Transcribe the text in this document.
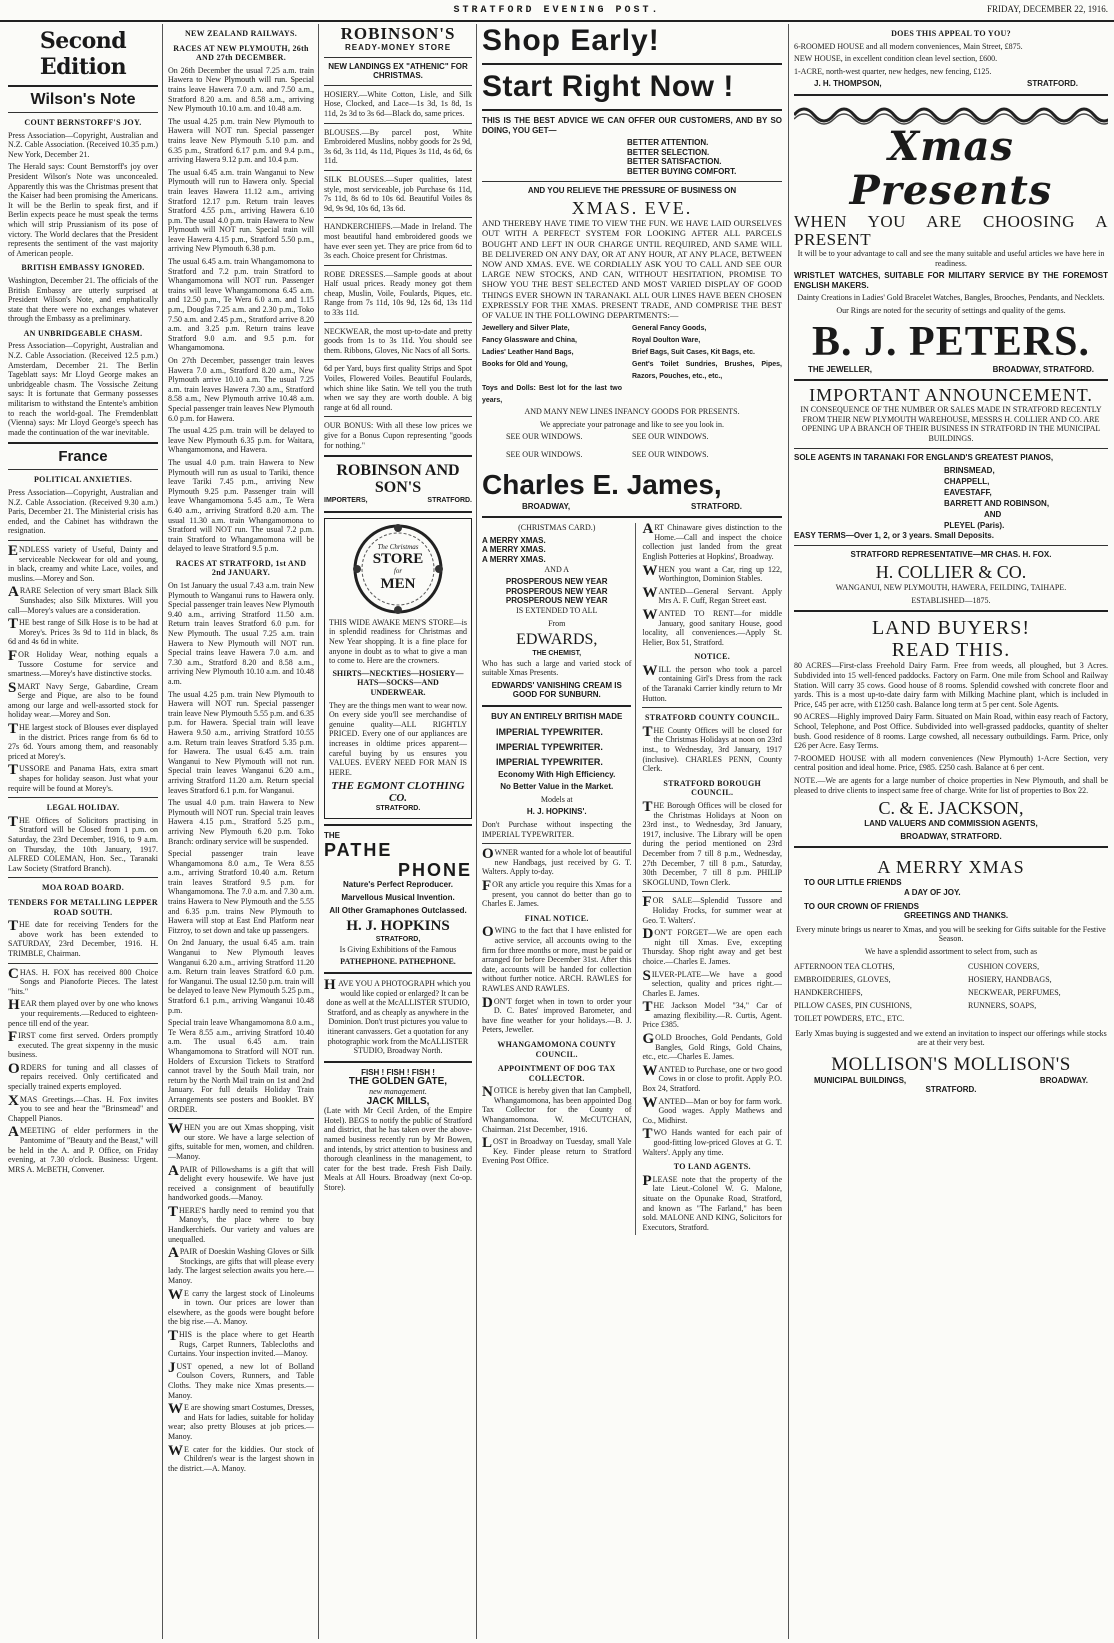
STRATFORD EVENING POST.	FRIDAY, DECEMBER 22, 1916.
Second Edition
Wilson's Note
COUNT BERNSTORFF'S JOY.

Press Association—Copyright, Australian and N.Z. Cable Association. (Received 10.35 p.m.) New York, December 21.

The Herald says: Count Bernstorff's joy over President Wilson's Note was unconcealed. Apparently this was the Christmas present that the Kaiser had been promising the Americans. It will be the Berlin to speak first, and if Berlin expects peace he must speak the terms which will strip Prussianism of its pose of victory. The World declares that the President represents the sentiment of the vast majority of American people.

BRITISH EMBASSY IGNORED.

Washington, December 21. The officials of the British Embassy are utterly surprised at President Wilson's Note, and emphatically state that there were no exchanges whatever through the Embassy as a preliminary.

AN UNBRIDGEABLE CHASM.

Press Association—Copyright, Australian and N.Z. Cable Association. (Received 12.5 p.m.) Amsterdam, December 21. The Berlin Tageblatt says: Mr Lloyd George makes an unbridgeable chasm. The Vossische Zeitung says: It is fortunate that Germany possesses militarism to withstand the Entente's ambition to reach the world-goal. The Fremdenblatt (Vienna) says: Mr Lloyd George's speech has made the continuation of the war inevitable.

France
POLITICAL ANXIETIES.

Press Association—Copyright, Australian and N.Z. Cable Association. (Received 9.30 a.m.) Paris, December 21. The Ministerial crisis has ended, and the Cabinet has withdrawn the resignation.

ENDLESS variety of Useful, Dainty and serviceable Neckwear for old and young, in black, creamy and white Lace, voiles, and muslins.—Morey and Son.

ARARE Selection of very smart Black Silk Sunshades; also Silk Mixtures. Will you call—Morey's values are a consideration.

THE best range of Silk Hose is to be had at Morey's. Prices 3s 9d to 11d in black, 8s 6d and 4s 6d in white.

FOR Holiday Wear, nothing equals a Tussore Costume for service and smartness.—Morey's have distinctive stocks.

SMART Navy Serge, Gabardine, Cream Serge and Pique, are also to be found among our large and well-assorted stock for holiday wear.—Morey and Son.

THE largest stock of Blouses ever displayed in the district. Prices range from 6s 6d to 27s 6d. Yours among them, and reasonably priced at Morey's.

TUSSORE and Panama Hats, extra smart shapes for holiday season. Just what your require will be found at Morey's.

LEGAL HOLIDAY.

THE Offices of Solicitors practising in Stratford will be Closed from 1 p.m. on Saturday, the 23rd December, 1916, to 9 a.m. on Thursday, the 10th January, 1917. ALFRED COLEMAN, Hon. Sec., Taranaki Law Society (Stratford Branch).

MOA ROAD BOARD.
TENDERS FOR METALLING LEPPER ROAD SOUTH.

THE date for receiving Tenders for the above work has been extended to SATURDAY, 23rd December, 1916. H. TRIMBLE, Chairman.

CHAS. H. FOX has received 800 Choice Songs and Pianoforte Pieces. The latest "hits."

HEAR them played over by one who knows your requirements.—Reduced to eighteen-pence till end of the year.

FIRST come first served. Orders promptly executed. The great sixpenny in the music business.

ORDERS for tuning and all classes of repairs received. Only certificated and specially trained experts employed.

XMAS Greetings.—Chas. H. Fox invites you to see and hear the "Brinsmead" and Chappell Pianos.

AMEETING of elder performers in the Pantomime of "Beauty and the Beast," will be held in the A. and P. Office, on Friday evening, at 7.30 o'clock. Business: Urgent. MRS A. McBETH, Convener.

NEW ZEALAND RAILWAYS.
RACES AT NEW PLYMOUTH, 26th AND 27th DECEMBER.

On 26th December the usual 7.25 a.m. train Hawera to New Plymouth will run. Special trains leave Hawera 7.0 a.m. and 7.50 a.m., Stratford 8.20 a.m. and 8.58 a.m., arriving New Plymouth 10.10 a.m. and 10.48 a.m.

The usual 4.25 p.m. train New Plymouth to Hawera will NOT run. Special passenger trains leave New Plymouth 5.10 p.m. and 6.35 p.m., Stratford 6.17 p.m. and 9.4 p.m., arriving Hawera 9.12 p.m. and 10.4 p.m.

The usual 6.45 a.m. train Wanganui to New Plymouth will run to Hawera only. Special train leaves Hawera 11.12 a.m., arriving Stratford 12.17 p.m. Return train leaves Stratford 4.55 p.m., arriving Hawera 6.10 p.m. The usual 4.0 p.m. train Hawera to New Plymouth will NOT run. Special train will leave Hawera 4.15 p.m., Stratford 5.50 p.m., arriving New Plymouth 6.38 p.m.

The usual 6.45 a.m. train Whangamomona to Stratford and 7.2 p.m. train Stratford to Whangamomona will NOT run. Passenger trains will leave Whangamomona 6.45 a.m. and 12.50 p.m., Te Wera 6.0 a.m. and 1.15 p.m., Douglas 7.25 a.m. and 2.30 p.m., Toko 7.50 a.m. and 2.45 p.m., Stratford arrive 8.20 a.m. and 3.25 p.m. Return trains leave Stratford 9.0 a.m. and 9.5 p.m. for Whangamomona.

On 27th December, passenger train leaves Hawera 7.0 a.m., Stratford 8.20 a.m., New Plymouth arrive 10.10 a.m. The usual 7.25 a.m. train leaves Hawera 7.30 a.m., Stratford 8.58 a.m., New Plymouth arrive 10.48 a.m. Special passenger train leaves New Plymouth 6.0 p.m. for Hawera.

The usual 4.25 p.m. train will be delayed to leave New Plymouth 6.35 p.m. for Waitara, Whangamomona, and Hawera.

The usual 4.0 p.m. train Hawera to New Plymouth will run as usual to Tariki, thence leave Tariki 7.45 p.m., arriving New Plymouth 9.25 p.m. Passenger train will leave Whangamomona 5.45 a.m., Te Wera 6.40 a.m., arriving Stratford 8.20 a.m. The usual 11.30 a.m. train Whangamomona to Stratford will NOT run. The usual 7.2 p.m. train Stratford to Whangamomona will be delayed to leave Stratford 9.5 p.m.

RACES AT STRATFORD, 1st AND 2nd JANUARY.

On 1st January the usual 7.43 a.m. train New Plymouth to Wanganui runs to Hawera only. Special passenger train leaves New Plymouth 9.40 a.m., arriving Stratford 11.50 a.m. Return train leaves Stratford 6.0 p.m. for New Plymouth. The usual 7.25 a.m. train Hawera to New Plymouth will NOT run. Special trains leave Hawera 7.0 a.m. and 7.30 a.m., Stratford 8.20 and 8.58 a.m., arriving New Plymouth 10.10 a.m. and 10.48 a.m.

The usual 4.25 p.m. train New Plymouth to Hawera will NOT run. Special passenger train leave New Plymouth 5.55 p.m. and 6.35 p.m. for Hawera. Special train will leave Hawera 9.50 a.m., arriving Stratford 10.55 a.m. Return train leaves Stratford 5.35 p.m. for Hawera. The usual 6.45 a.m. train Wanganui to New Plymouth will not run. Special train leaves Wanganui 6.20 a.m., arriving Stratford 11.20 a.m. Return special leaves Stratford 6.1 p.m. for Wanganui.

The usual 4.0 p.m. train Hawera to New Plymouth will NOT run. Special train leaves Hawera 4.15 p.m., Stratford 5.25 p.m., arriving New Plymouth 6.20 p.m. Toko Branch: ordinary service will be suspended.

Special passenger train leave Whangamomona 8.0 a.m., Te Wera 8.55 a.m., arriving Stratford 10.40 a.m. Return train leaves Stratford 9.5 p.m. for Whangamomona. The 7.0 a.m. and 7.30 a.m. trains Hawera to New Plymouth and the 5.55 and 6.35 p.m. trains New Plymouth to Hawera will stop at East End Platform near Fitzroy, to set down and take up passengers.

On 2nd January, the usual 6.45 a.m. train Wanganui to New Plymouth leaves Wanganui 6.20 a.m., arriving Stratford 11.20 a.m. Return train leaves Stratford 6.0 p.m. for Wanganui. The usual 12.50 p.m. train will be delayed to leave New Plymouth 5.25 p.m., Stratford 6.1 p.m., arriving Wanganui 10.48 p.m.

Special train leave Whangamomona 8.0 a.m., Te Wera 8.55 a.m., arriving Stratford 10.40 a.m. The usual 6.45 a.m. train Whangamomona to Stratford will NOT run. Holders of Excursion Tickets to Stratford cannot travel by the South Mail train, nor return by the North Mail train on 1st and 2nd January. For full details Holiday Train Arrangements see posters and Booklet. BY ORDER.

WHEN you are out Xmas shopping, visit our store. We have a large selection of gifts, suitable for men, women, and children.—Manoy.

APAIR of Pillowshams is a gift that will delight every housewife. We have just received a consignment of beautifully handworked goods.—Manoy.

THERE'S hardly need to remind you that Manoy's, the place where to buy Handkerchiefs. Our variety and values are unequalled.

APAIR of Doeskin Washing Gloves or Silk Stockings, are gifts that will please every lady. The largest selection awaits you here.—Manoy.

WE carry the largest stock of Linoleums in town. Our prices are lower than elsewhere, as the goods were bought before the big rise.—A. Manoy.

THIS is the place where to get Hearth Rugs, Carpet Runners, Tablecloths and Curtains. Your inspection invited.—Manoy.

JUST opened, a new lot of Bolland Coulson Covers, Runners, and Table Cloths. They make nice Xmas presents.—Manoy.

WE are showing smart Costumes, Dresses, and Hats for ladies, suitable for holiday wear; also pretty Blouses at job prices.—Manoy.

WE cater for the kiddies. Our stock of Children's wear is the largest shown in the district.—A. Manoy.

ROBINSON'S
READY-MONEY STORE
NEW LANDINGS EX "ATHENIC" FOR CHRISTMAS.

HOSIERY.—White Cotton, Lisle, and Silk Hose, Clocked, and Lace—1s 3d, 1s 8d, 1s 11d, 2s 3d to 3s 6d—Black do, same prices.

BLOUSES.—By parcel post, White Embroidered Muslins, nobby goods for 2s 9d, 3s 6d, 3s 11d, 4s 11d, Piques 3s 11d, 4s 6d, 6s 11d.

SILK BLOUSES.—Super qualities, latest style, most serviceable, job Purchase 6s 11d, 7s 11d, 8s 6d to 10s 6d. Beautiful Voiles 8s 9d, 9s 9d, 10s 6d, 13s 6d.

HANDKERCHIEFS.—Made in Ireland. The most beautiful hand embroidered goods we have ever seen yet. They are price from 6d to 3s each. Choice present for Christmas.

ROBE DRESSES.—Sample goods at about Half usual prices. Ready money got them cheap, Muslin, Voile, Foulards, Piques, etc. Range from 7s 11d, 10s 9d, 12s 6d, 13s 11d to 33s 11d.

NECKWEAR, the most up-to-date and pretty goods from 1s to 3s 11d. You should see them. Ribbons, Gloves, Nic Nacs of all Sorts.

6d per Yard, buys first quality Strips and Spot Voiles, Flowered Voiles. Beautiful Foulards, which shine like Satin. We tell you the truth when we say they are worth double. A big range at 6d all round.

OUR BONUS: With all these low prices we give for a Bonus Cupon representing "goods for nothing."

ROBINSON AND SON'S
IMPORTERS,	STRATFORD.
The Christmas
STORE
for
MEN

THIS WIDE AWAKE MEN'S STORE—is in splendid readiness for Christmas and New Year shopping. It is a fine place for anyone in doubt as to what to give a man to come to. Here are the crowners.

SHIRTS—NECKTIES—HOSIERY—HATS—SOCKS—AND UNDERWEAR.

They are the things men want to wear now. On every side you'll see merchandise of genuine quality—ALL RIGHTLY PRICED. Every one of our appliances are increases in oldtime prices apparent—careful buying by us ensures you VALUES. EVERY NEED FOR MAN IS HERE.

THE EGMONT CLOTHING CO.
STRATFORD.
THE
PATHE
PHONE

Nature's Perfect Reproducer.

Marvellous Musical Invention.

All Other Gramaphones Outclassed.

H. J. HOPKINS
STRATFORD,

Is Giving Exhibitions of the Famous

PATHEPHONE. PATHEPHONE.

HAVE YOU A PHOTOGRAPH which you would like copied or enlarged? It can be done as well at the McALLISTER STUDIO, Stratford, and as cheaply as anywhere in the Dominion. Don't trust pictures you value to itinerant canvassers. Get a quotation for any photographic work from the McALLISTER STUDIO, Broadway North.

FISH ! FISH ! FISH !
THE GOLDEN GATE,
new management.
JACK MILLS,

(Late with Mr Cecil Arden, of the Empire Hotel). BEGS to notify the public of Stratford and district, that he has taken over the above-named business recently run by Mr Bowen, and intends, by strict attention to business and thorough cleanliness in the management, to cater for the best trade. Fresh Fish Daily. Meals at All Hours. Broadway (next Co-op. Store).

Shop Early!
Start Right Now !

THIS IS THE BEST ADVICE WE CAN OFFER OUR CUSTOMERS, AND BY SO DOING, YOU GET—

BETTER ATTENTION.
BETTER SELECTION.
BETTER SATISFACTION.
BETTER BUYING COMFORT.

AND YOU RELIEVE THE PRESSURE OF BUSINESS ON

XMAS. EVE.

AND THEREBY HAVE TIME TO VIEW THE FUN. WE HAVE LAID OURSELVES OUT WITH A PERFECT SYSTEM FOR LOOKING AFTER ALL PARCELS BOUGHT AND LEFT IN OUR CHARGE UNTIL REQUIRED, AND SAME WILL BE DELIVERED ON ANY DAY, OR AT ANY HOUR, AT ANY PLACE, BETWEEN NOW AND XMAS. EVE. WE CORDIALLY ASK YOU TO CALL AND SEE OUR LARGE NEW STOCKS, AND CAN, WITHOUT HESITATION, PROMISE TO SHOW YOU THE BEST SELECTED AND MOST VARIED DISPLAY OF GOOD THINGS EVER SHOWN IN TARANAKI. ALL OUR LINES HAVE BEEN CHOSEN EXPRESSLY FOR THE XMAS. PRESENT TRADE, AND COMPRISE THE BEST OF VALUE IN THE FOLLOWING DEPARTMENTS:—

Jewellery and Silver Plate,	General Fancy Goods,
Fancy Glassware and China,	Royal Doulton Ware,
Ladies' Leather Hand Bags,	Brief Bags, Suit Cases, Kit Bags, etc.
Books for Old and Young,	Gent's Toilet Sundries, Brushes, Pipes, Razors, Pouches, etc., etc.,
Toys and Dolls: Best lot for the last two years,

AND MANY NEW LINES INFANCY GOODS FOR PRESENTS.

We appreciate your patronage and like to see you look in.

SEE OUR WINDOWS.	SEE OUR WINDOWS.
SEE OUR WINDOWS.	SEE OUR WINDOWS.
Charles E. James,
BROADWAY,	STRATFORD.

(CHRISTMAS CARD.)

A MERRY XMAS.
A MERRY XMAS.
A MERRY XMAS.

AND A

PROSPEROUS NEW YEAR
PROSPEROUS NEW YEAR
PROSPEROUS NEW YEAR

IS EXTENDED TO ALL

From

EDWARDS,
THE CHEMIST,

Who has such a large and varied stock of suitable Xmas Presents.

EDWARDS' VANISHING CREAM IS GOOD FOR SUNBURN.

BUY AN ENTIRELY BRITISH MADE

IMPERIAL TYPEWRITER.
IMPERIAL TYPEWRITER.
IMPERIAL TYPEWRITER.

Economy With High Efficiency.

No Better Value in the Market.

Models at

H. J. HOPKINS'.

Don't Purchase without inspecting the IMPERIAL TYPEWRITER.

OWNER wanted for a whole lot of beautiful new Handbags, just received by G. T. Walters. Apply to-day.

FOR any article you require this Xmas for a present, you cannot do better than go to Charles E. James.

FINAL NOTICE.

OWING to the fact that I have enlisted for active service, all accounts owing to the firm for three months or more, must be paid or arranged for before December 31st. After this date, accounts will be handed for collection without further notice. ARCH. RAWLES for RAWLES AND RAWLES.

DON'T forget when in town to order your D. C. Bates' improved Barometer, and have fine weather for your holidays.—B. J. Peters, Jeweller.

WHANGAMOMONA COUNTY COUNCIL.
APPOINTMENT OF DOG TAX COLLECTOR.

NOTICE is hereby given that Ian Campbell, Whangamomona, has been appointed Dog Tax Collector for the County of Whangamomona. W. McCUTCHAN, Chairman. 21st December, 1916.

LOST in Broadway on Tuesday, small Yale Key. Finder please return to Stratford Evening Post Office.

ART Chinaware gives distinction to the Home.—Call and inspect the choice collection just landed from the great English Potteries at Hopkins', Broadway.

WHEN you want a Car, ring up 122, Worthington, Dominion Stables.

WANTED—General Servant. Apply Mrs A. F. Cuff, Regan Street east.

WANTED TO RENT—for middle January, good sanitary House, good locality, all conveniences.—Apply St. Helier, Box 51, Stratford.

NOTICE.

WILL the person who took a parcel containing Girl's Dress from the rack of the Taranaki Carrier kindly return to Mr Hutton.

STRATFORD COUNTY COUNCIL.

THE County Offices will be closed for the Christmas Holidays at noon on 23rd inst., to Wednesday, 3rd January, 1917 (inclusive). CHARLES PENN, County Clerk.

STRATFORD BOROUGH COUNCIL.

THE Borough Offices will be closed for the Christmas Holidays at Noon on 23rd inst., to Wednesday, 3rd January, 1917, inclusive. The Library will be open during the period mentioned on 23rd December from 7 till 8 p.m., Wednesday, 27th December, 7 till 8 p.m., Saturday, 30th December, 7 till 8 p.m. PHILIP SKOGLUND, Town Clerk.

FOR SALE—Splendid Tussore and Holiday Frocks, for summer wear at Geo. T. Walters'.

DON'T FORGET—We are open each night till Xmas. Eve, excepting Thursday. Shop right away and get best choice.—Charles E. James.

SILVER-PLATE—We have a good selection, quality and prices right.—Charles E. James.

THE Jackson Model "34," Car of amazing flexibility.—R. Curtis, Agent. Price £385.

GOLD Brooches, Gold Pendants, Gold Bangles, Gold Rings, Gold Chains, etc., etc.—Charles E. James.

WANTED to Purchase, one or two good Cows in or close to profit. Apply P.O. Box 24, Stratford.

WANTED—Man or boy for farm work. Good wages. Apply Mathews and Co., Midhirst.

TWO Hands wanted for each pair of good-fitting low-priced Gloves at G. T. Walters'. Apply any time.

TO LAND AGENTS.

PLEASE note that the property of the late Lieut.-Colonel W. G. Malone, situate on the Opunake Road, Stratford, and known as "The Farland," has been sold. MALONE AND KING, Solicitors for Executors, Stratford.

DOES THIS APPEAL TO YOU?

6-ROOMED HOUSE and all modern conveniences, Main Street, £875.

NEW HOUSE, in excellent condition clean level section, £600.

1-ACRE, north-west quarter, new hedges, new fencing, £125.

J. H. THOMPSON,	STRATFORD.
Xmas Presents
WHEN YOU ARE CHOOSING A PRESENT

It will be to your advantage to call and see the many suitable and useful articles we have here in readiness.

WRISTLET WATCHES, SUITABLE FOR MILITARY SERVICE BY THE FOREMOST ENGLISH MAKERS.

Dainty Creations in Ladies' Gold Bracelet Watches, Bangles, Brooches, Pendants, and Necklets.

Our Rings are noted for the security of settings and quality of the gems.

B. J. PETERS.
THE JEWELLER,	BROADWAY, STRATFORD.
IMPORTANT ANNOUNCEMENT.

IN CONSEQUENCE OF THE NUMBER OR SALES MADE IN STRATFORD RECENTLY FROM THEIR NEW PLYMOUTH WAREHOUSE, MESSRS H. COLLIER AND CO. ARE OPENING UP A BRANCH OF THEIR BUSINESS IN STRATFORD IN THE MUNICIPAL BUILDINGS.

SOLE AGENTS IN TARANAKI FOR ENGLAND'S GREATEST PIANOS,

BRINSMEAD,
CHAPPELL,
EAVESTAFF,
BARRETT AND ROBINSON,
AND
PLEYEL (Paris).

EASY TERMS—Over 1, 2, or 3 years. Small Deposits.

STRATFORD REPRESENTATIVE—MR CHAS. H. FOX.

H. COLLIER & CO.

WANGANUI, NEW PLYMOUTH, HAWERA, FEILDING, TAIHAPE.

ESTABLISHED—1875.

LAND BUYERS!
READ THIS.

80 ACRES—First-class Freehold Dairy Farm. Free from weeds, all ploughed, but 3 Acres. Subdivided into 15 well-fenced paddocks. Factory on Farm. One mile from School and Railway Station. Will carry 35 cows. Good house of 8 rooms. Splendid cowshed with concrete floor and yards. This is a most up-to-date dairy farm with Milking Machine plant, which is included in Price, £45 per acre, with £1250 cash. Balance long term at 5 per cent. Sole Agents.

90 ACRES—Highly improved Dairy Farm. Situated on Main Road, within easy reach of Factory, School, Telephone, and Post Office. Subdivided into well-grassed paddocks, quantity of shelter bush. Good residence of 8 rooms. Large cowshed, all necessary outbuildings. Farm. Price, only £26 per Acre. Easy Terms.

7-ROOMED HOUSE with all modern conveniences (New Plymouth) 1-Acre Section, very central position and ideal home. Price, £985. £250 cash. Balance at 6 per cent.

NOTE.—We are agents for a large number of choice properties in New Plymouth, and shall be pleased to drive clients to inspect same free of charge. Write for list of properties to Box 22.

C. & E. JACKSON,

LAND VALUERS AND COMMISSION AGENTS,

BROADWAY, STRATFORD.

A MERRY XMAS
TO OUR LITTLE FRIENDS
A DAY OF JOY.
TO OUR CROWN OF FRIENDS
GREETINGS AND THANKS.

Every minute brings us nearer to Xmas, and you will be seeking for Gifts suitable for the Festive Season.

We have a splendid assortment to select from, such as

AFTERNOON TEA CLOTHS,	CUSHION COVERS,
EMBROIDERIES, GLOVES,	HOSIERY, HANDBAGS,
HANDKERCHIEFS,	NECKWEAR, PERFUMES,
PILLOW CASES, PIN CUSHIONS,	RUNNERS, SOAPS,
TOILET POWDERS, ETC., ETC.

Early Xmas buying is suggested and we extend an invitation to inspect our offerings while stocks are at their very best.

MOLLISON'S MOLLISON'S
MUNICIPAL BUILDINGS,	BROADWAY.
STRATFORD.
